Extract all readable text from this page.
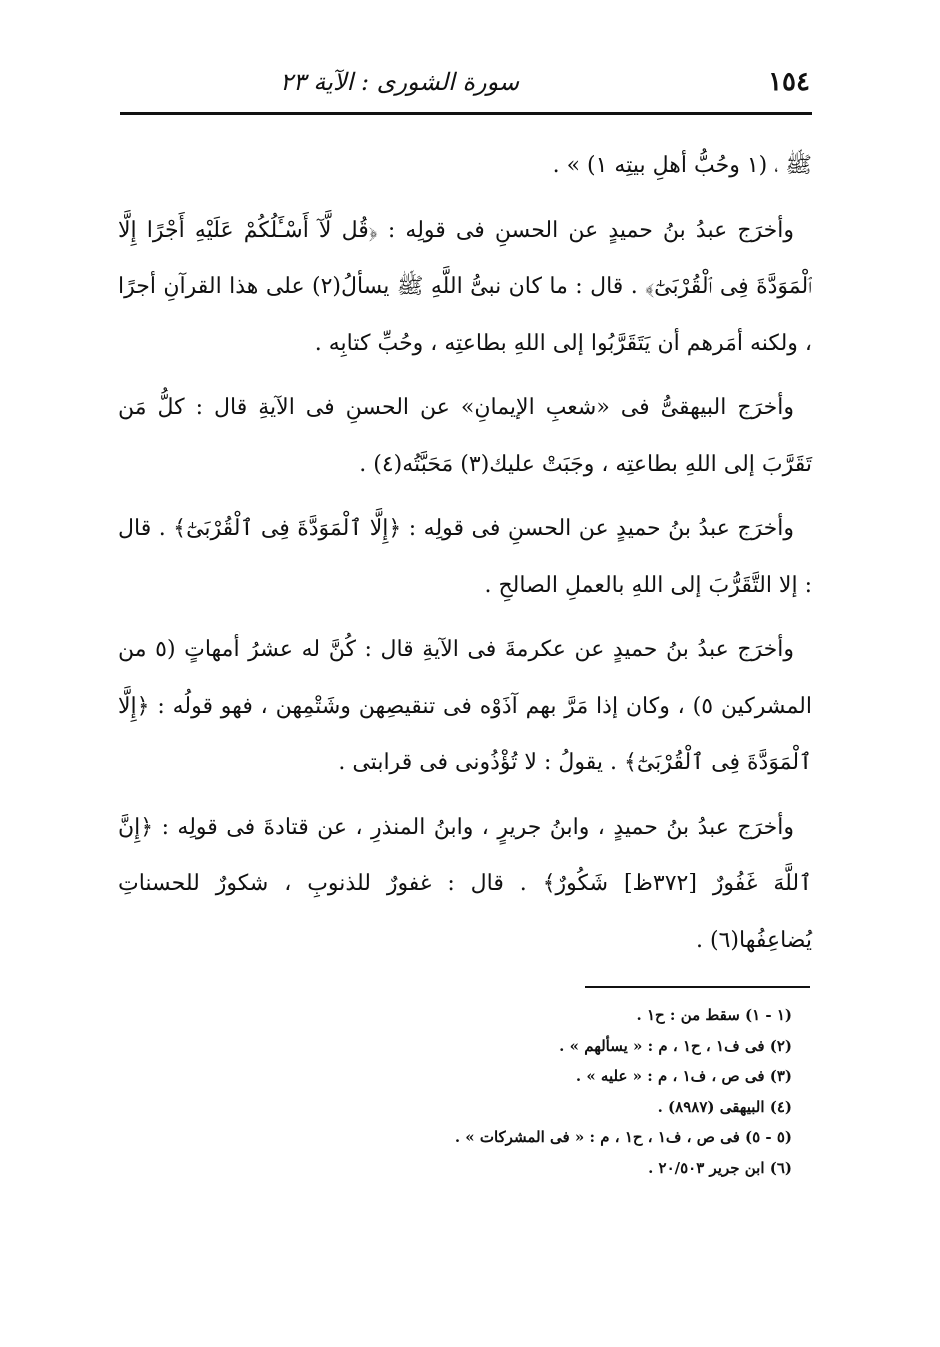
١٥٤
سورة الشورى : الآية ٢٣

ﷺ ، (١ وحُبُّ أهلِ بيتِه ١) » .

وأخرَج عبدُ بنُ حميدٍ عن الحسنِ فى قولِه : ﴿قُل لَّآ أَسْـَٔلُكُمْ عَلَيْهِ أَجْرًا إِلَّا ٱلْمَوَدَّةَ فِى ٱلْقُرْبَىٰٓ﴾ . قال : ما كان نبىُّ اللَّهِ ﷺ يسألُ(٢) على هذا القرآنِ أجرًا ، ولكنه أمَرهم أن يَتَقَرَّبُوا إلى اللهِ بطاعتِه ، وحُبِّ كتابِه .

وأخرَج البيهقىُّ فى «شعبِ الإيمانِ» عن الحسنِ فى الآيةِ قال : كلُّ مَن تَقَرَّبَ إلى اللهِ بطاعتِه ، وجَبَتْ عليك(٣) مَحَبَّتُه(٤) .

وأخرَج عبدُ بنُ حميدٍ عن الحسنِ فى قولِه : ﴿إِلَّا ٱلْمَوَدَّةَ فِى ٱلْقُرْبَىٰٓ﴾ . قال : إلا التَّقَرُّبَ إلى اللهِ بالعملِ الصالحِ .

وأخرَج عبدُ بنُ حميدٍ عن عكرمةَ فى الآيةِ قال : كُنَّ له عشرُ أمهاتٍ (٥ من المشركين ٥) ، وكان إذا مَرَّ بهم آذَوْه فى تنقيصِهن وشَتْمِهن ، فهو قولُه : ﴿إِلَّا ٱلْمَوَدَّةَ فِى ٱلْقُرْبَىٰٓ﴾ . يقولُ : لا تُؤْذُونى فى قرابتى .

وأخرَج عبدُ بنُ حميدٍ ، وابنُ جريرٍ ، وابنُ المنذرِ ، عن قتادةَ فى قولِه : ﴿إِنَّ ٱللَّهَ غَفُورٌ [٣٧٢ظ] شَكُورٌ﴾ . قال : غفورٌ للذنوبِ ، شكورٌ للحسناتِ يُضاعِفُها(٦) .

(١ - ١) سقط من : ح١ .
(٢) فى ف١ ، ح١ ، م : « يسألهم » .
(٣) فى ص ، ف١ ، م : « عليه » .
(٤) البيهقى (٨٩٨٧) .
(٥ - ٥) فى ص ، ف١ ، ح١ ، م : « فى المشركات » .
(٦) ابن جرير ٢٠/٥٠٣ .
